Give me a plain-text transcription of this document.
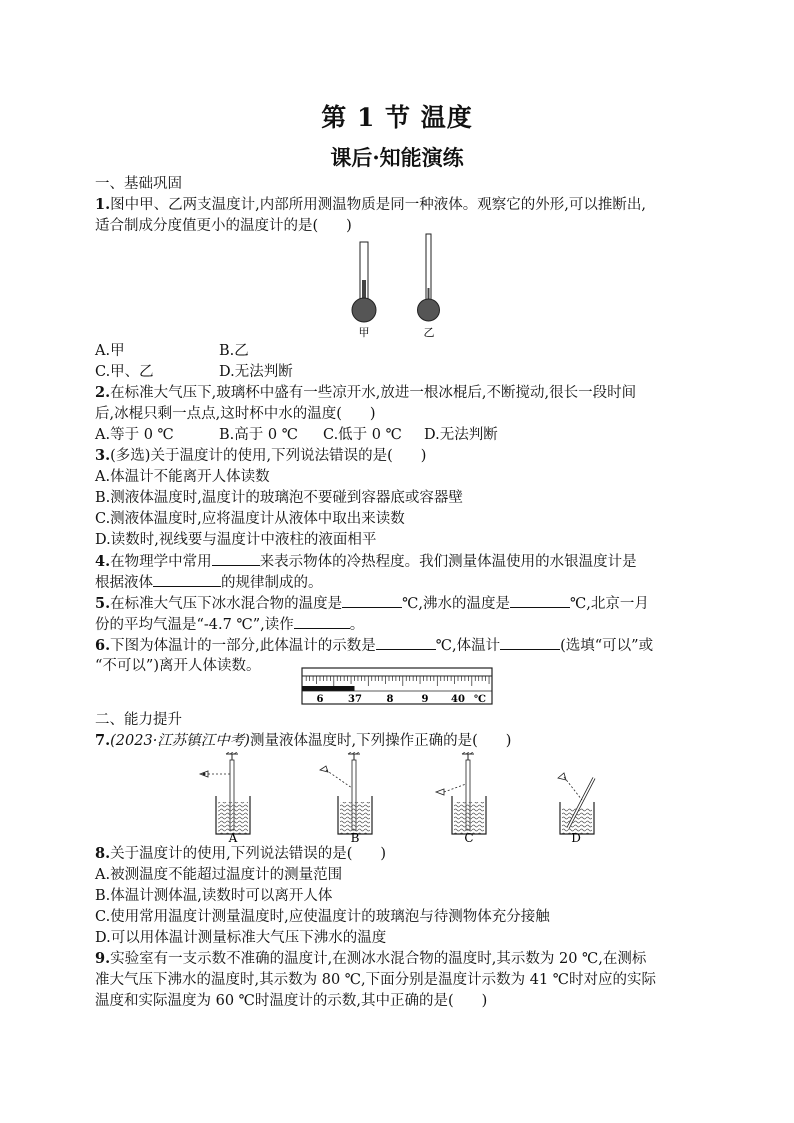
第 1 节 温度
课后·知能演练
一、基础巩固
1.图中甲、乙两支温度计,内部所用测温物质是同一种液体。观察它的外形,可以推断出,
适合制成分度值更小的温度计的是( )
甲	乙
A.甲	B.乙
C.甲、乙	D.无法判断
2.在标准大气压下,玻璃杯中盛有一些凉开水,放进一根冰棍后,不断搅动,很长一段时间
后,冰棍只剩一点点,这时杯中水的温度( )
A.等于 0 ℃	B.高于 0 ℃ C.低于 0 ℃ D.无法判断
3.(多选)关于温度计的使用,下列说法错误的是( )
A.体温计不能离开人体读数
B.测液体温度时,温度计的玻璃泡不要碰到容器底或容器壁
C.测液体温度时,应将温度计从液体中取出来读数
D.读数时,视线要与温度计中液柱的液面相平
4.在物理学中常用	来表示物体的冷热程度。我们测量体温使用的水银温度计是
根据液体	的规律制成的。
5.在标准大气压下冰水混合物的温度是	℃,沸水的温度是	℃,北京一月
份的平均气温是“-4.7 ℃”,读作	。
6.下图为体温计的一部分,此体温计的示数是	℃,体温计	(选填“可以”或
“不可以”)离开人体读数。
6 37 8	9 40 ℃
二、能力提升
7.(2023·江苏镇江中考)测量液体温度时,下列操作正确的是( )
A	B	C	D
8.关于温度计的使用,下列说法错误的是( )
A.被测温度不能超过温度计的测量范围
B.体温计测体温,读数时可以离开人体
C.使用常用温度计测量温度时,应使温度计的玻璃泡与待测物体充分接触
D.可以用体温计测量标准大气压下沸水的温度
9.实验室有一支示数不准确的温度计,在测冰水混合物的温度时,其示数为 20 ℃,在测标
准大气压下沸水的温度时,其示数为 80 ℃,下面分别是温度计示数为 41 ℃时对应的实际
温度和实际温度为 60 ℃时温度计的示数,其中正确的是( )
